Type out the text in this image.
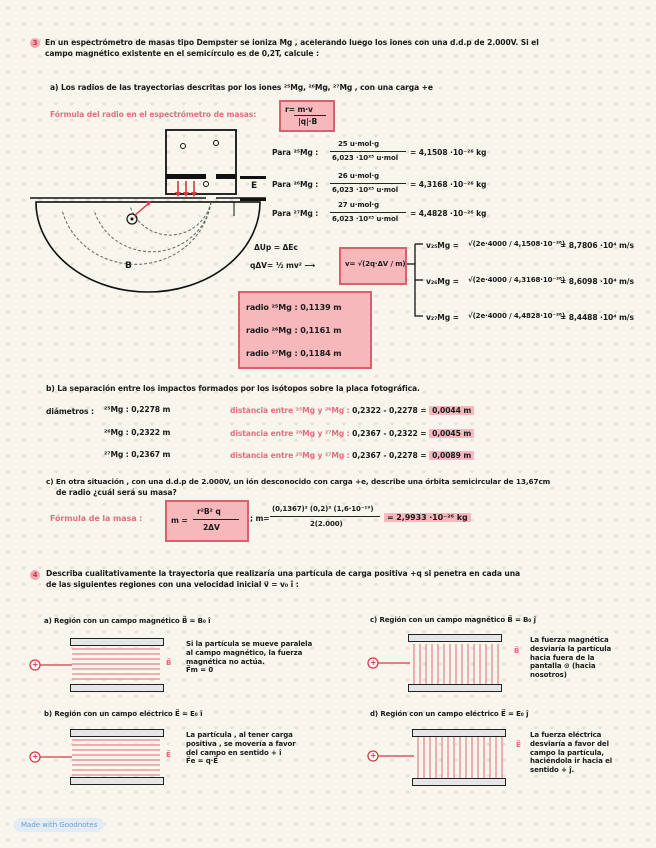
3 En un espectrómetro de masas tipo Dempster se ioniza Mg , acelerando luego los iones con una d.d.p de 2.000V. Si el
campo magnético existente en el semicírculo es de 0,2T, calcule :
a) Los radios de las trayectorias descritas por los iones ²⁵Mg, ²⁶Mg, ²⁷Mg , con una carga +e
Fórmula del radio en el espectrómetro de masas:
r= m·v
|q|·B
E
B
Para ²⁵Mg :
25 u·mol·g
6,023 ·10²³ u·mol
= 4,1508 ·10⁻²⁶ kg
Para ²⁶Mg :
26 u·mol·g
6,023 ·10²³ u·mol
= 4,3168 ·10⁻²⁶ kg
Para ²⁷Mg :
27 u·mol·g
6,023 ·10²³ u·mol
= 4,4828 ·10⁻²⁶ kg
ΔUp = ΔEc
qΔV= ½ mv² ⟶	v= √(2q·ΔV / m)
v₂₅Mg = √(2e·4000 / 4,1508·10⁻²⁶)
= 8,7806 ·10⁴ m/s
v₂₆Mg = √(2e·4000 / 4,3168·10⁻²⁶)
= 8,6098 ·10⁴ m/s
v₂₇Mg = √(2e·4000 / 4,4828·10⁻²⁶)
= 8,4488 ·10⁴ m/s
radio ²⁵Mg : 0,1139 m
radio ²⁶Mg : 0,1161 m
radio ²⁷Mg : 0,1184 m
b) La separación entre los impactos formados por los isótopos sobre la placa fotográfica.
diámetros : ²⁵Mg : 0,2278 m
²⁶Mg : 0,2322 m
²⁷Mg : 0,2367 m
distancia entre ²⁵Mg y ²⁶Mg : 0,2322 - 0,2278 = 0,0044 m
distancia entre ²⁶Mg y ²⁷Mg : 0,2367 - 0,2322 = 0,0045 m
distancia entre ²⁵Mg y ²⁷Mg : 0,2367 - 0,2278 = 0,0089 m
c) En otra situación , con una d.d.p de 2.000V, un ión desconocido con carga +e, describe una órbita semicircular de 13,67cm
de radio ¿cuál será su masa?
Fórmula de la masa :	m =
r²B² q
2ΔV
; m=
(0,1367)² (0,2)² (1,6·10⁻¹⁹)
2(2.000)
= 2,9933 ·10⁻²⁶ kg
4	Describa cualitativamente la trayectoria que realizaría una partícula de carga positiva +q si penetra en cada una
de las siguientes regiones con una velocidad inicial v⃗ = v₀ î :
a) Región con un campo magnético B⃗ = B₀ î
+	B⃗
Si la partícula se mueve paralela
al campo magnético, la fuerza
magnética no actúa.
F⃗m = 0
c) Región con un campo magnético B⃗ = B₀ ĵ
+
B⃗
La fuerza magnética
desviaría la partícula
hacia fuera de la
pantalla ⊙ (hacia
nosotros)
b) Región con un campo eléctrico E⃗ = E₀ î
+	E⃗
La partícula , al tener carga
positiva , se movería a favor
del campo en sentido + î
F⃗e = q·E⃗
d) Región con un campo eléctrico E⃗ = E₀ ĵ
+
E⃗
La fuerza eléctrica
desviaría a favor del
campo la partícula,
haciéndola ir hacia el
sentido + ĵ.
Made with Goodnotes
